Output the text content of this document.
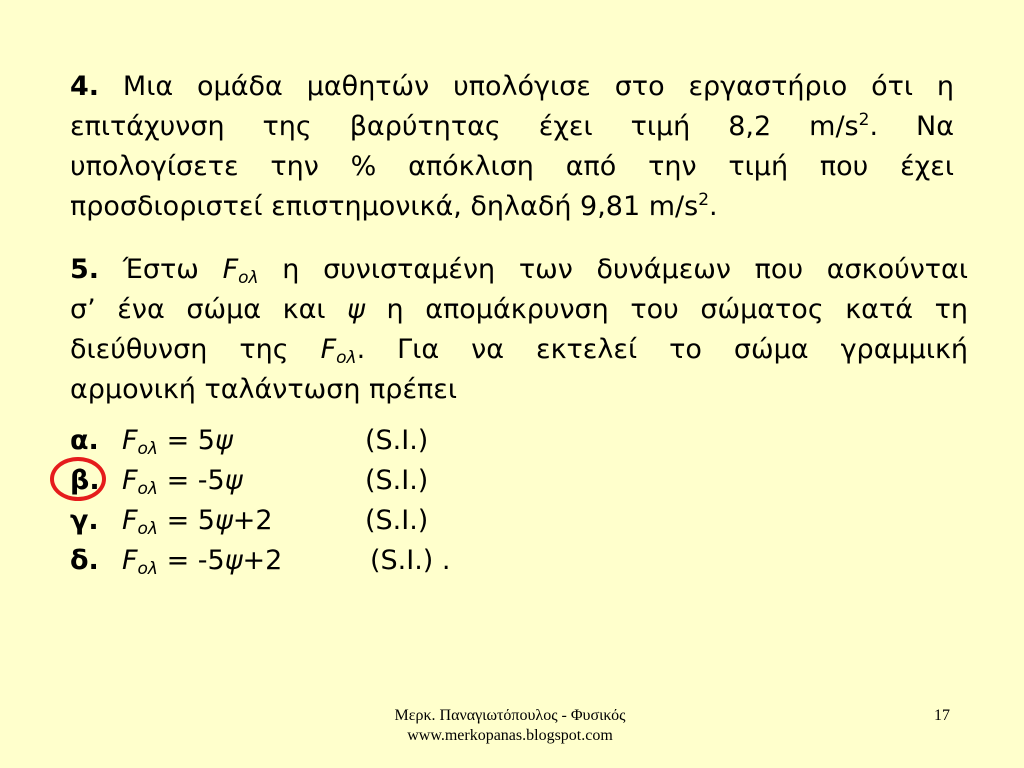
4. Μια ομάδα μαθητών υπολόγισε στο εργαστήριο ότι η
επιτάχυνση της βαρύτητας έχει τιμή 8,2 $m/s^2$. Να
υπολογίσετε την % απόκλιση από την τιμή που έχει
προσδιοριστεί επιστημονικά, δηλαδή 9,81 $m/s^2$.
5. Έστω $F_{o\lambda}$ η συνισταμένη των δυνάμεων που ασκούνται
σ’ ένα σώμα και ψ η απομάκρυνση του σώματος κατά τη
διεύθυνση της $F_{o\lambda}$. Για να εκτελεί το σώμα γραμμική
αρμονική ταλάντωση πρέπει
α. $F_{o\lambda} = 5\psi$	(S.I.)
β. $F_{o\lambda} = -5\psi$	(S.I.)
γ. $F_{o\lambda} = 5\psi+2$	(S.I.)
δ. $F_{o\lambda} = -5\psi+2$	(S.I.) .
Μερκ. Παναγιωτόπουλος - Φυσικός
www.merkopanas.blogspot.com
17
